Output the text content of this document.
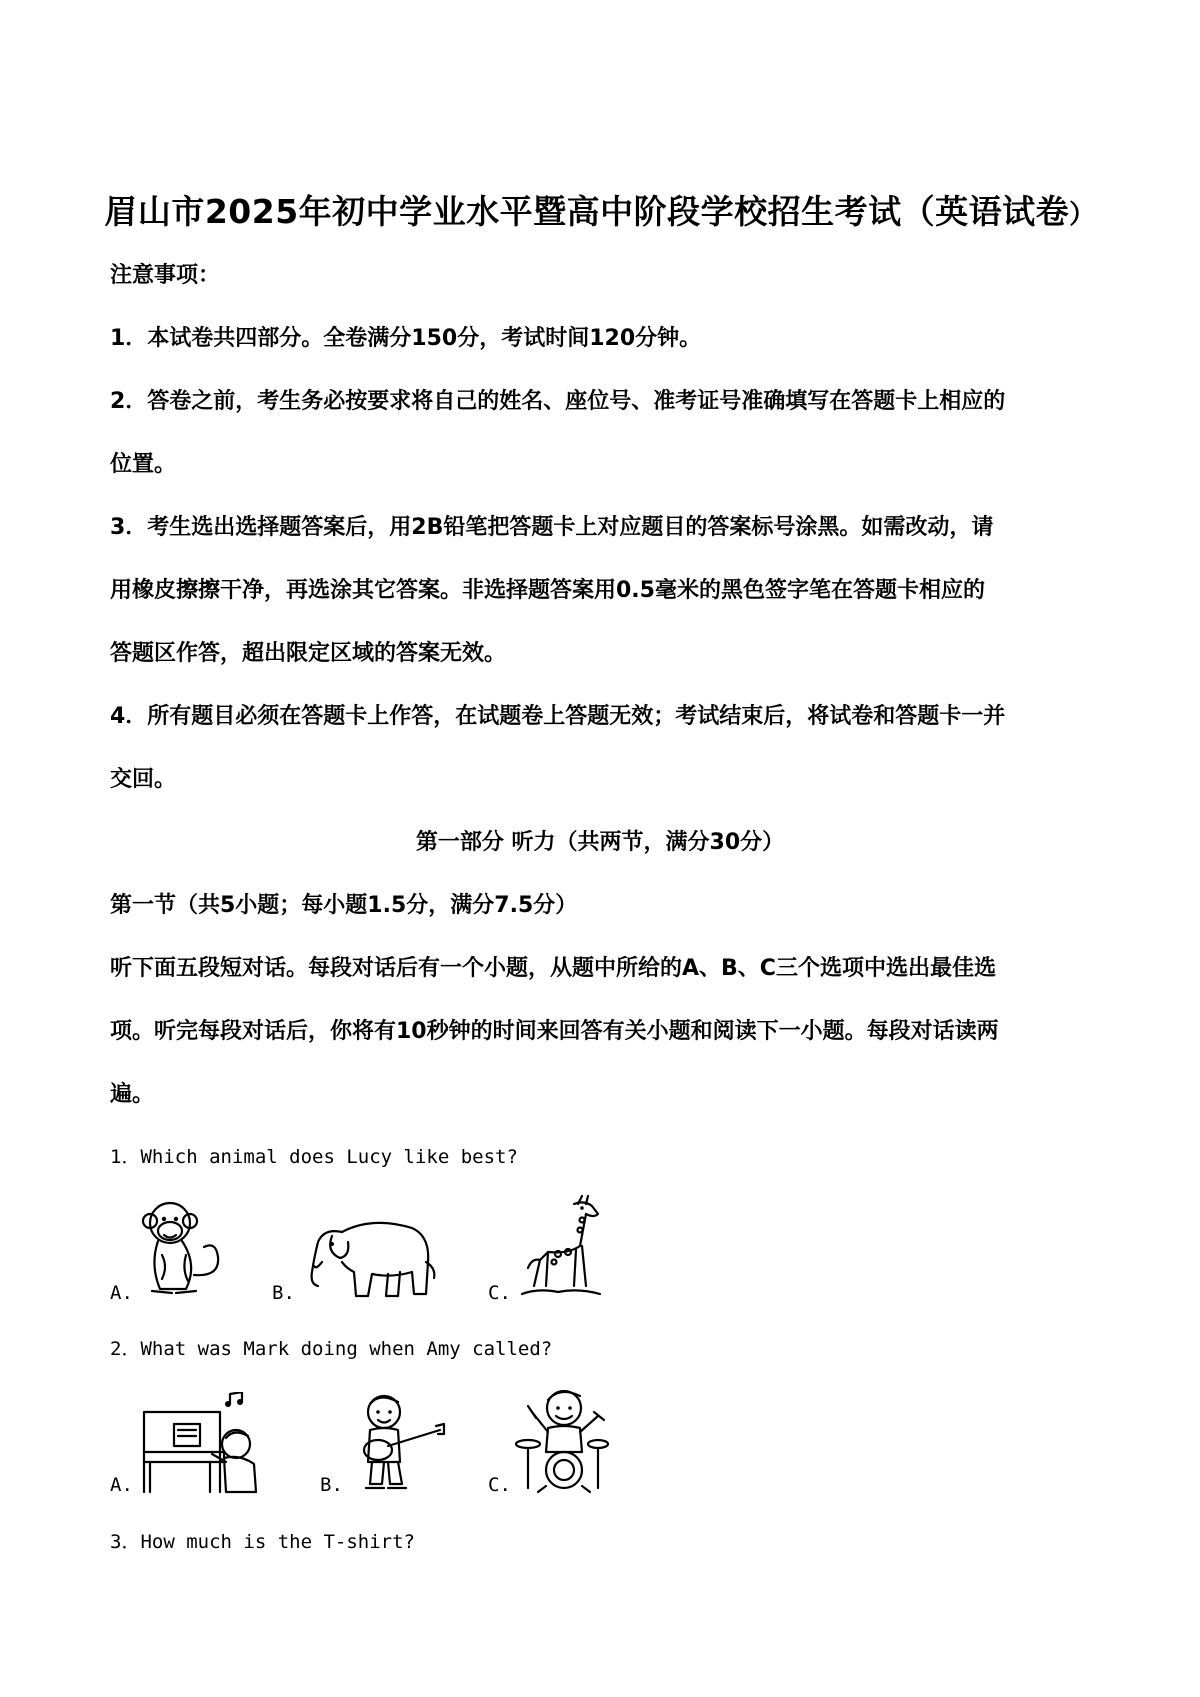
眉山市2025年初中学业水平暨高中阶段学校招生考试（英语试卷）
注意事项：
1．本试卷共四部分。全卷满分150分，考试时间120分钟。
2．答卷之前，考生务必按要求将自己的姓名、座位号、准考证号准确填写在答题卡上相应的
位置。
3．考生选出选择题答案后，用2B铅笔把答题卡上对应题目的答案标号涂黑。如需改动，请
用橡皮擦擦干净，再选涂其它答案。非选择题答案用0.5毫米的黑色签字笔在答题卡相应的
答题区作答，超出限定区域的答案无效。
4．所有题目必须在答题卡上作答，在试题卷上答题无效；考试结束后，将试卷和答题卡一并
交回。
第一部分 听力（共两节，满分30分）
第一节（共5小题；每小题1.5分，满分7.5分）
听下面五段短对话。每段对话后有一个小题，从题中所给的A、B、C三个选项中选出最佳选
项。听完每段对话后，你将有10秒钟的时间来回答有关小题和阅读下一小题。每段对话读两
遍。
1．Which animal does Lucy like best?
A.	B.	C.
2．What was Mark doing when Amy called?
A.	B.	C.
3．How much is the T-shirt?
